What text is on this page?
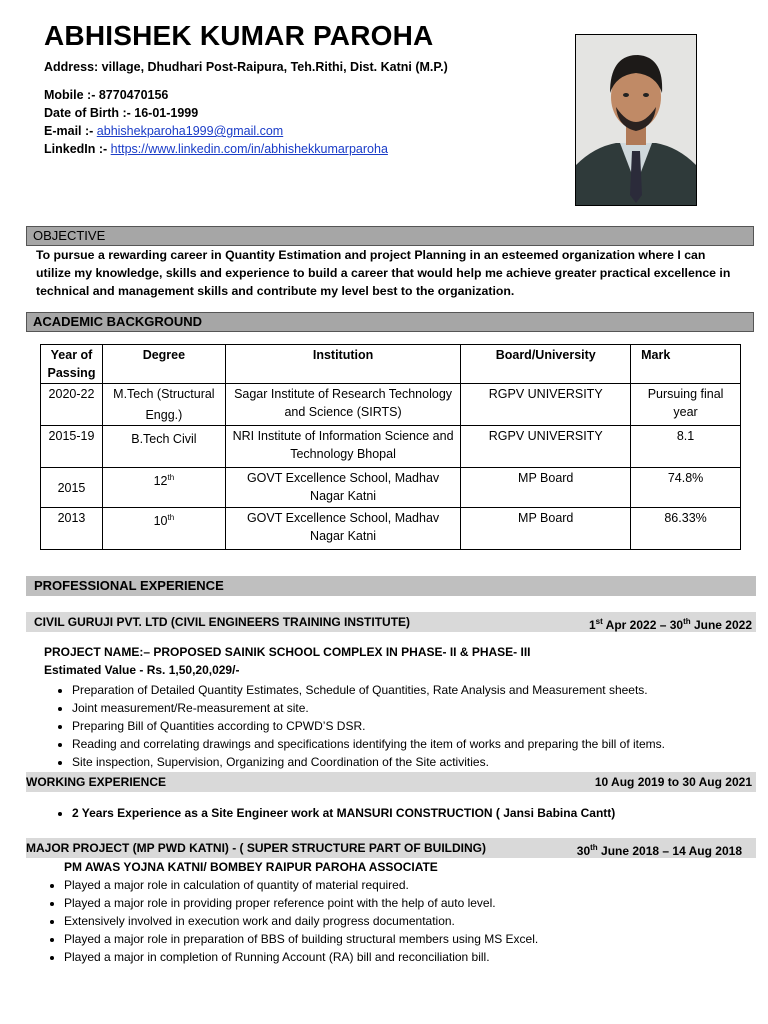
ABHISHEK KUMAR PAROHA
Address: village, Dhudhari Post-Raipura, Teh.Rithi, Dist. Katni (M.P.)
Mobile :- 8770470156
Date of Birth :- 16-01-1999
E-mail :- abhishekparoha1999@gmail.com
LinkedIn :- https://www.linkedin.com/in/abhishekkumarparoha
OBJECTIVE
To pursue a rewarding career in Quantity Estimation and project Planning in an esteemed organization where I can utilize my knowledge, skills and experience to build a career that would help me achieve greater practical excellence in technical and management skills and contribute my level best to the organization.
ACADEMIC BACKGROUND
Year of Passing	Degree	Institution	Board/University	Mark
2020-22	M.Tech (Structural Engg.)	Sagar Institute of Research Technology and Science (SIRTS)	RGPV UNIVERSITY	Pursuing final year
2015-19	B.Tech Civil	NRI Institute of Information Science and Technology Bhopal	RGPV UNIVERSITY	8.1
2015	12th	GOVT Excellence School, Madhav Nagar Katni	MP Board	74.8%
2013	10th	GOVT Excellence School, Madhav Nagar Katni	MP Board	86.33%
PROFESSIONAL EXPERIENCE
CIVIL GURUJI PVT. LTD (CIVIL ENGINEERS TRAINING INSTITUTE)	1st Apr 2022 – 30th June 2022
PROJECT NAME:– PROPOSED SAINIK SCHOOL COMPLEX IN PHASE- II & PHASE- III
Estimated Value - Rs. 1,50,20,029/-
• Preparation of Detailed Quantity Estimates, Schedule of Quantities, Rate Analysis and Measurement sheets.
• Joint measurement/Re-measurement at site.
• Preparing Bill of Quantities according to CPWD’S DSR.
• Reading and correlating drawings and specifications identifying the item of works and preparing the bill of items.
• Site inspection, Supervision, Organizing and Coordination of the Site activities.
WORKING EXPERIENCE	10 Aug 2019 to 30 Aug 2021
• 2 Years Experience as a Site Engineer work at MANSURI CONSTRUCTION ( Jansi Babina Cantt)
MAJOR PROJECT (MP PWD KATNI) - ( SUPER STRUCTURE PART OF BUILDING)	30th June 2018 – 14 Aug 2018
PM AWAS YOJNA KATNI/ BOMBEY RAIPUR PAROHA ASSOCIATE
• Played a major role in calculation of quantity of material required.
• Played a major role in providing proper reference point with the help of auto level.
• Extensively involved in execution work and daily progress documentation.
• Played a major role in preparation of BBS of building structural members using MS Excel.
• Played a major in completion of Running Account (RA) bill and reconciliation bill.
